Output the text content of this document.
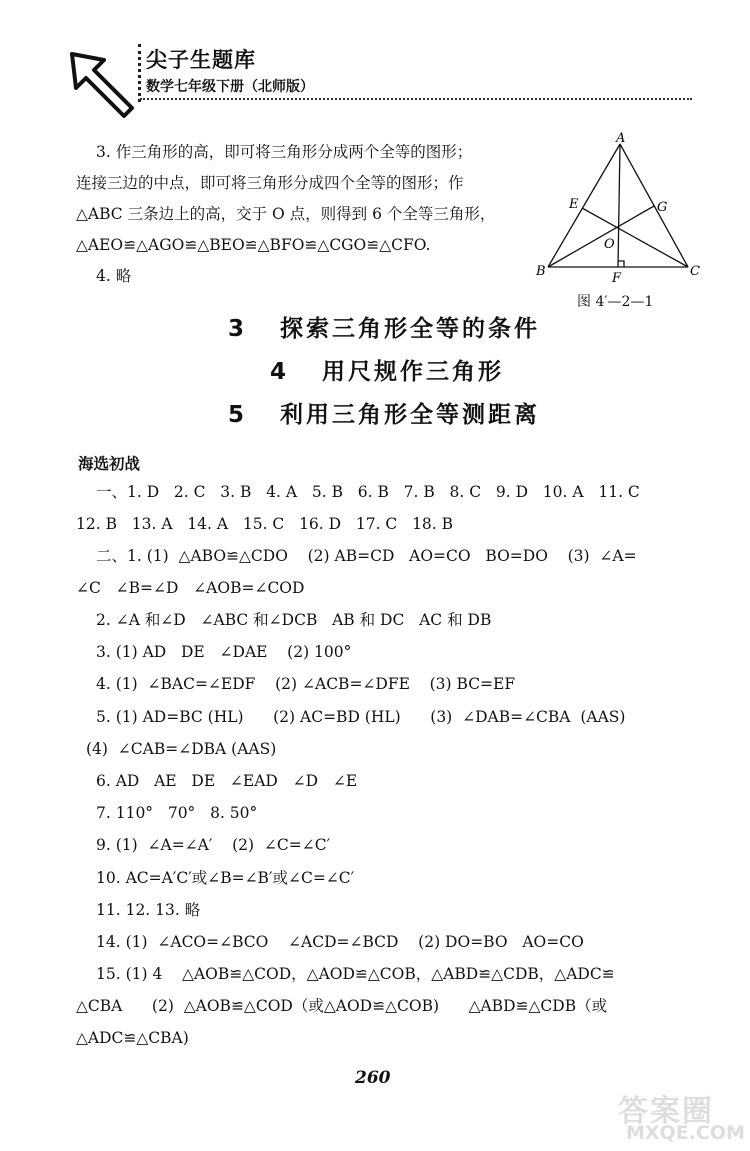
尖子生题库
数学七年级下册（北师版）
3. 作三角形的高，即可将三角形分成两个全等的图形；
连接三边的中点，即可将三角形分成四个全等的图形；作
△ABC 三条边上的高，交于 O 点，则得到 6 个全等三角形，
△AEO≌△AGO≌△BEO≌△BFO≌△CGO≌△CFO.
4. 略
A
E	G
O
B	F	C
图 4′—2—1
3   探索三角形全等的条件
4   用尺规作三角形
5   利用三角形全等测距离
海选初战
一、1. D   2. C   3. B   4. A   5. B   6. B   7. B   8. C   9. D   10. A   11. C
12. B   13. A   14. A   15. C   16. D   17. C   18. B
二、1. (1)  △ABO≌△CDO    (2) AB=CD   AO=CO   BO=DO    (3)  ∠A=
∠C   ∠B=∠D   ∠AOB=∠COD
2. ∠A 和∠D   ∠ABC 和∠DCB   AB 和 DC   AC 和 DB
3. (1) AD   DE   ∠DAE    (2) 100°
4. (1)  ∠BAC=∠EDF    (2) ∠ACB=∠DFE    (3) BC=EF
5. (1) AD=BC (HL)      (2) AC=BD (HL)      (3)  ∠DAB=∠CBA  (AAS)
(4)  ∠CAB=∠DBA (AAS)
6. AD   AE   DE   ∠EAD   ∠D   ∠E
7. 110°   70°   8. 50°
9. (1)  ∠A=∠A′    (2)  ∠C=∠C′
10. AC=A′C′或∠B=∠B′或∠C=∠C′
11. 12. 13. 略
14. (1)  ∠ACO=∠BCO    ∠ACD=∠BCD    (2) DO=BO   AO=CO
15. (1) 4    △AOB≌△COD，△AOD≌△COB，△ABD≌△CDB，△ADC≌
△CBA      (2)  △AOB≌△COD（或△AOD≌△COB)      △ABD≌△CDB（或
△ADC≌△CBA)
260
答案圈
MXQE.COM
